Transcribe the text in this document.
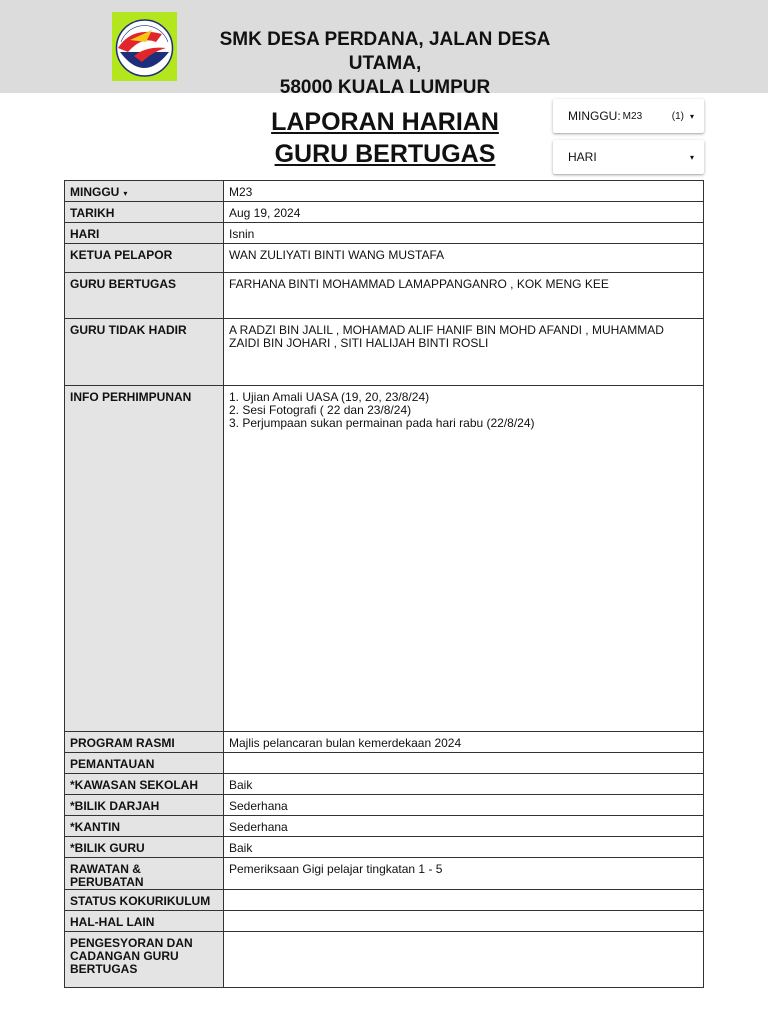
SMK DESA PERDANA, JALAN DESA UTAMA,
58000 KUALA LUMPUR
LAPORAN HARIAN
GURU BERTUGAS
MINGGU: M23	(1) ▾
HARI	▾
MINGGU ▾	M23
TARIKH	Aug 19, 2024
HARI	Isnin
KETUA PELAPOR	WAN ZULIYATI BINTI WANG MUSTAFA
GURU BERTUGAS	FARHANA BINTI MOHAMMAD LAMAPPANGANRO , KOK MENG KEE
GURU TIDAK HADIR	A RADZI BIN JALIL , MOHAMAD ALIF HANIF BIN MOHD AFANDI , MUHAMMAD ZAIDI BIN JOHARI , SITI HALIJAH BINTI ROSLI
INFO PERHIMPUNAN	1. Ujian Amali UASA (19, 20, 23/8/24)
2. Sesi Fotografi ( 22 dan 23/8/24)
3. Perjumpaan sukan permainan pada hari rabu (22/8/24)

PROGRAM RASMI	Majlis pelancaran bulan kemerdekaan 2024
PEMANTAUAN	
*KAWASAN SEKOLAH	Baik
*BILIK DARJAH	Sederhana
*KANTIN	Sederhana
*BILIK GURU	Baik
RAWATAN & PERUBATAN	Pemeriksaan Gigi pelajar tingkatan 1 - 5
STATUS KOKURIKULUM	
HAL-HAL LAIN	
PENGESYORAN DAN CADANGAN GURU BERTUGAS	
